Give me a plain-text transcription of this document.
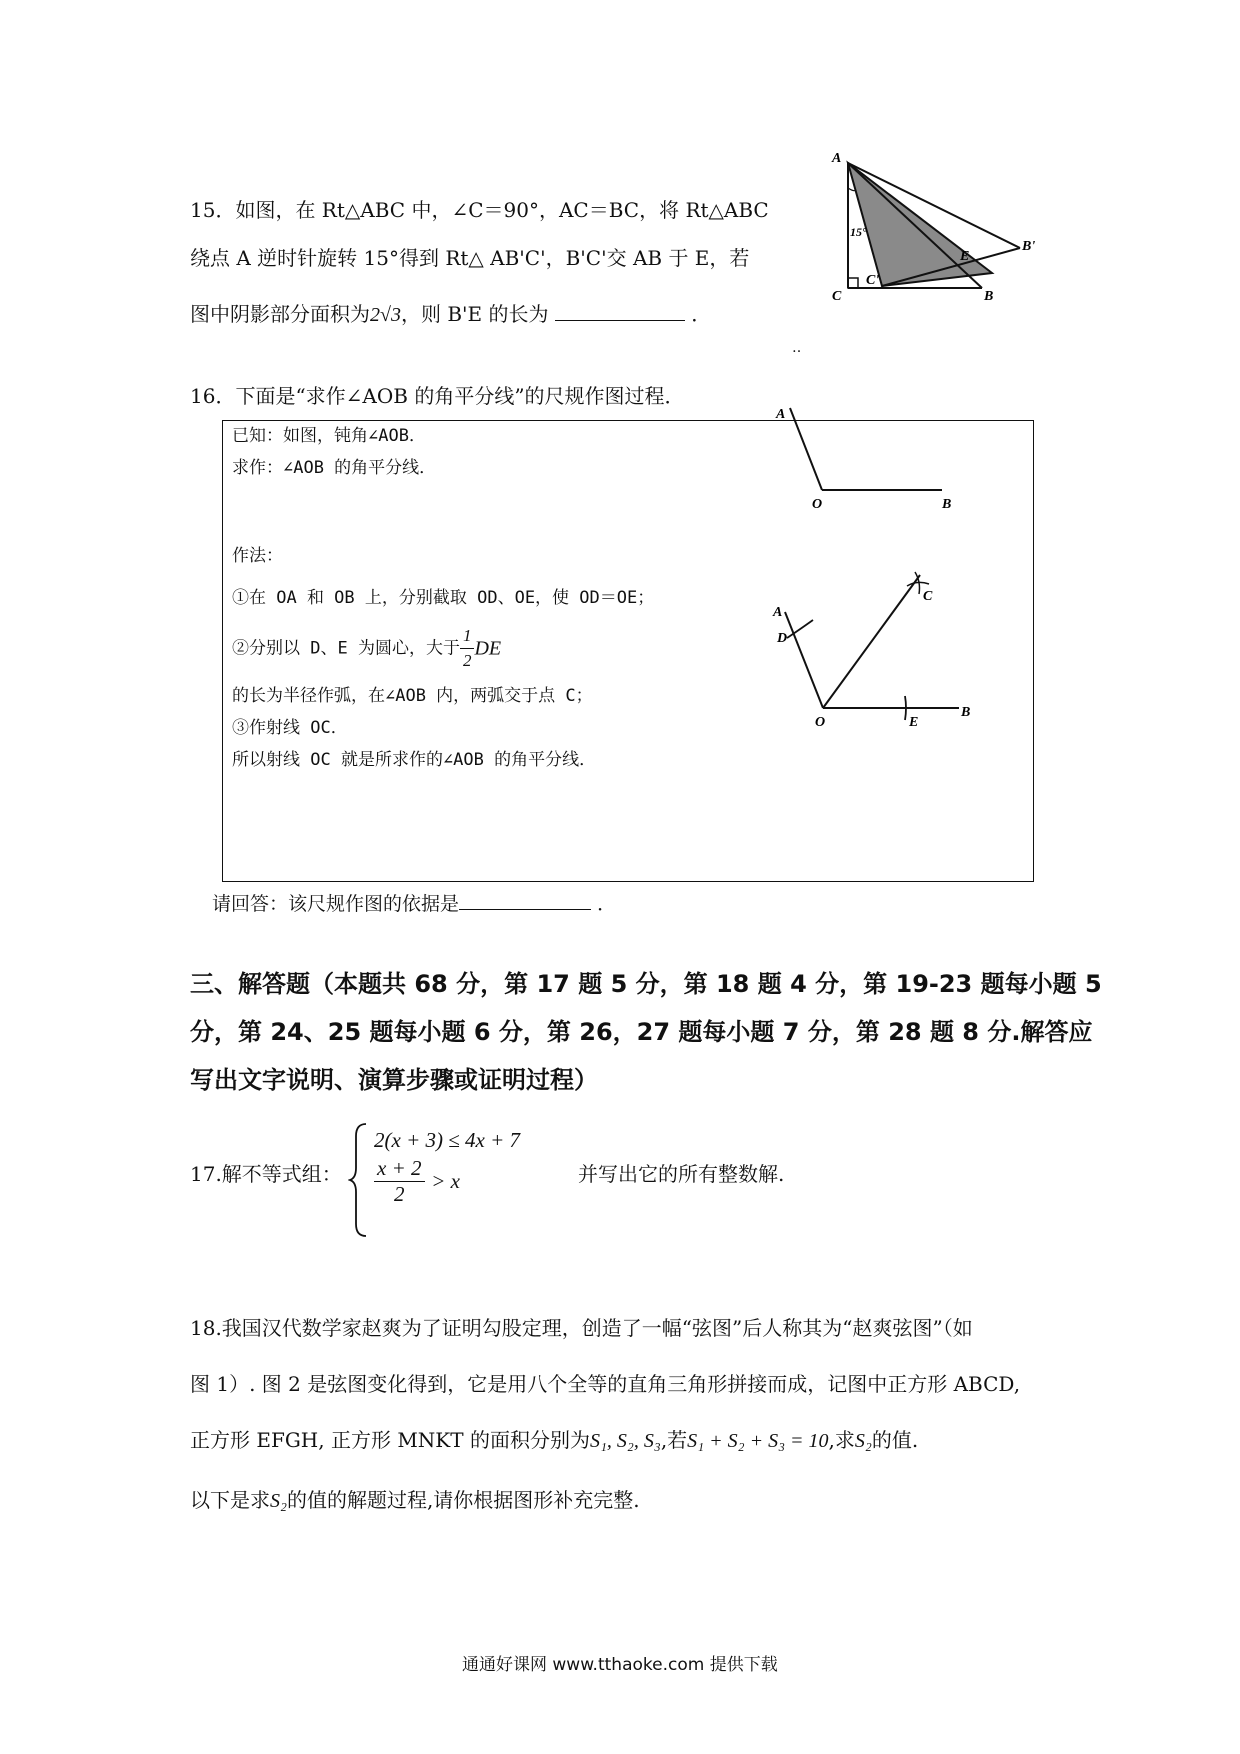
15．如图，在 Rt△ABC 中，∠C＝90°，AC＝BC，将 Rt△ABC
绕点 A 逆时针旋转 15°得到 Rt△ AB'C'，B'C'交 AB 于 E，若
图中阴影部分面积为2√3，则 B'E 的长为	．
‥
A
C	B
B'
C'
E
15°
16．下面是“求作∠AOB 的角平分线”的尺规作图过程．
已知：如图，钝角∠AOB．
求作：∠AOB 的角平分线．
作法：
①在 OA 和 OB 上，分别截取 OD、OE，使 OD＝OE；
②分别以 D、E 为圆心，大于 $\frac{1}{2}$ DE
的长为半径作弧，在∠AOB 内，两弧交于点 C；
③作射线 OC．
所以射线 OC 就是所求作的∠AOB 的角平分线．
A
O	B
A
D
O	E
B
C
请回答：该尺规作图的依据是	．
三、解答题（本题共 68 分，第 17 题 5 分，第 18 题 4 分，第 19-23 题每小题 5
分，第 24、25 题每小题 6 分，第 26，27 题每小题 7 分，第 28 题 8 分.解答应
写出文字说明、演算步骤或证明过程）
17.解不等式组：
2(x + 3) ≤ 4x + 7
$\frac{x + 2}{2} > x$	并写出它的所有整数解.
18.我国汉代数学家赵爽为了证明勾股定理，创造了一幅“弦图”后人称其为“赵爽弦图”（如
图 1）. 图 2 是弦图变化得到，它是用八个全等的直角三角形拼接而成，记图中正方形 ABCD,
正方形 EFGH, 正方形 MNKT 的面积分别为S₁, S₂, S₃,若S₁ + S₂ + S₃ = 10,求S₂的值.
以下是求S₂的值的解题过程,请你根据图形补充完整.
通通好课网 www.tthaoke.com 提供下载
